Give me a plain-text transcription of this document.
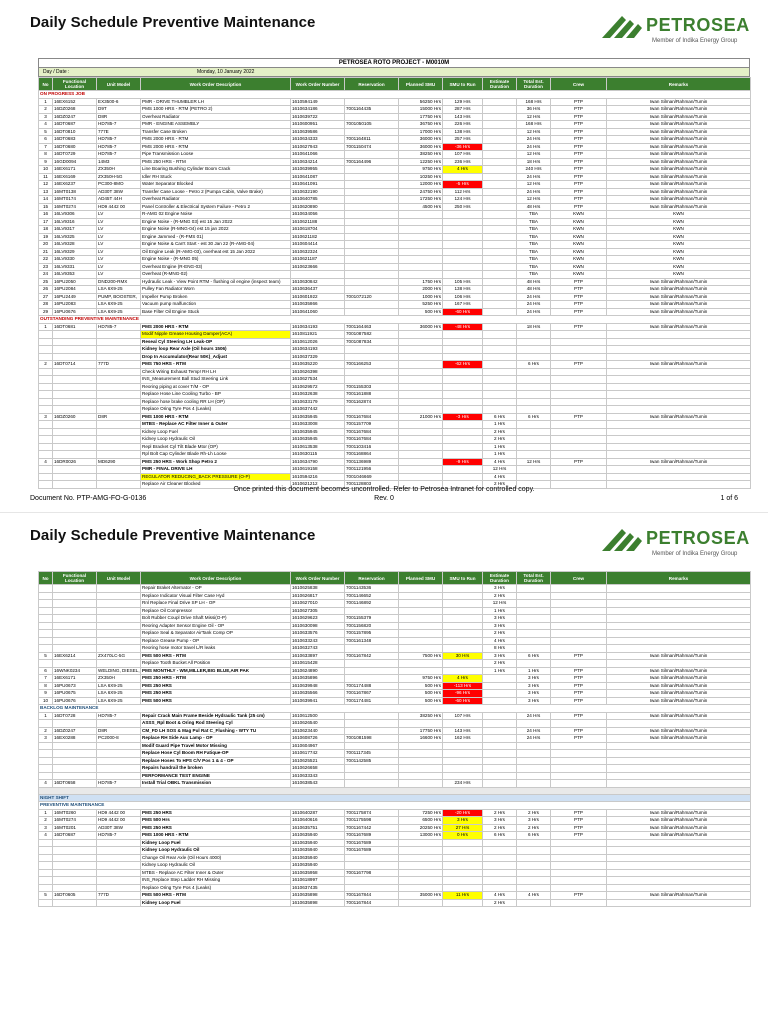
Daily Schedule Preventive Maintenance	PETROSEA
Member of Indika Energy Group
PETROSEA ROTO PROJECT - M0010M
Day / Date :	Monday, 10 January 2022
No	Functional Location	Unit Model	Work Order Description	Work Order Number	Reservation	Planned SMU	SMU to Run	Estimate Duration	Total Est. Duration	Crew	Remarks
ON PROGRESS JOB											
1	16EX6152	EX3500-6	PMR - DRIVE THUMBLER LH	1610594149		56250 Hrs	129 Hrs		168 Hrs	PTP	Iwan Silman/Rahman/Tumin
2	16DZ0268	D9T	PMS 1000 HRS - RTM (PETRO 2)	1610634186	7001164435	15000 Hrs	287 Hrs		36 Hrs	PTP	Iwan Silman/Rahman/Tumin
3	16DZ0247	D8R	Overheat Radiator	1610639722		17750 Hrs	143 Hrs		12 Hrs	PTP	Iwan Silman/Rahman/Tumin
4	16DT0687	HD785-7	PMR - ENGINE ASSEMBLY	1610600951	7001050105	36750 Hrs	226 Hrs		168 Hrs	PTP	Iwan Silman/Rahman/Tumin
5	16DT0810	777E	Transfer Case Broken	1610639586		17000 Hrs	138 Hrs		12 Hrs	PTP	Iwan Silman/Rahman/Tumin
6	16DT0683	HD785-7	PMS 2000 HRS - RTM	1610634333	7001164811	36000 Hrs	257 Hrs		24 Hrs	PTP	Iwan Silman/Rahman/Tumin
7	16DT0680	HD785-7	PMS 2000 HRS - RTM	1610627943	7001150474	36000 Hrs	-36 Hrs		24 Hrs	PTP	Iwan Silman/Rahman/Tumin
8	16DT0729	HD785-7	Pipe Transmission Loose	1610641066		38250 Hrs	107 Hrs		12 Hrs	PTP	Iwan Silman/Rahman/Tumin
9	16GD0094	14M3	PMS 250 HRS - RTM	1610634214	7001164496	12250 Hrs	236 Hrs		18 Hrs	PTP	Iwan Silman/Rahman/Tumin
10	16EX6171	ZX350H	Line Boaring Bushing Cylinder Boom Crack	1610639955		9750 Hrs	4 Hrs		240 Hrs	PTP	Iwan Silman/Rahman/Tumin
11	16EX6169	ZX350H-5G	Idler RH Stuck	1610641087		10250 Hrs			24 Hrs	PTP	Iwan Silman/Rahman/Tumin
12	16EX6237	PC300-8MO	Water Separator Blocked	1610641091		12000 Hrs	-5 Hrs		12 Hrs	PTP	Iwan Silman/Rahman/Tumin
13	16MT0138	AD30T 38W	Transfer Case Loose - Petro 2 (Pumpa Cabin, Valve Brake)	1610632190		24750 Hrs	112 Hrs		24 Hrs	PTP	Iwan Silman/Rahman/Tumin
14	16MT0174	AD45T 44H	Overheat Radiator	1610640785		17250 Hrs	124 Hrs		12 Hrs	PTP	Iwan Silman/Rahman/Tumin
15	16MT0274	HD9 4442 00	Panel Controller & Electrical System Failure - Petro 2	1610620890		4500 Hrs	250 Hrs		48 Hrs	PTP	Iwan Silman/Rahman/Tumin
16	16LV9306	LV	R-AMG 02 Engine Noise	1610634056					TBA	KWN	KWN
17	16LV9316	LV	Engine Noise - (R-MNG 03) est 15 Jan 2022	1610621188					TBA	KWN	KWN
18	16LV9317	LV	Engine Noise (R-MNG-04) est 15 jan 2022	1610618704					TBA	KWN	KWN
19	16LV9325	LV	Engine Jammed - (R-FMS 01)	1610621182					TBA	KWN	KWN
20	16LV9328	LV	Engine Noise & Can't Start - est 30 Jan 22 (R-AMG-04)	1610604414					TBA	KWN	KWN
21	16LV9329	LV	Oil Engine Leak (R-AMG-03), overheat est 15 Jan 2022	1610632324					TBA	KWN	KWN
22	16LV9330	LV	Engine Noise - (R-MNG 05)	1610621187					TBA	KWN	KWN
23	16LV9331	LV	Overheat Engine (R-ENG-03)	1610623666					TBA	KWN	KWN
24	16LV9353	LV	Overheat (R-MNG-02)						TBA	KWN	KWN
25	16PU2050	DND200-RMX	Hydraulic Leak - View Point RTM - flushing oil engine (inspect team)	1610630842		1750 Hrs	105 Hrs		48 Hrs	PTP	Iwan Silman/Rahman/Tumin
26	16PU2084	LSA 6X9-25	Pulley Fan Radiator Worn	1610636437		2000 Hrs	138 Hrs		48 Hrs	PTP	Iwan Silman/Rahman/Tumin
27	16PU2449	PUMP, BOOSTER,	Impeller Pump Broken	1610601922	7001072120	1000 Hrs	106 Hrs		24 Hrs	PTP	Iwan Silman/Rahman/Tumin
28	16PU2083	LSA 6X9-25	Vacuum pump malfunction	1610635866		5250 Hrs	167 Hrs		24 Hrs	PTP	Iwan Silman/Rahman/Tumin
29	16PU0676	LSA 6X9-25	Base Filter Oil Engine Stuck	1610641060		500 Hrs	-60 Hrs		24 Hrs	PTP	Iwan Silman/Rahman/Tumin
OUTSTANDING PREVENTIVE MAINTENANCE											
1	16DT0681	HD785-7	PMS 2000 HRS - RTM	1610634193	7001164463	36000 Hrs	-48 Hrs		18 Hrs	PTP	Iwan Silman/Rahman/Tumin
			Modif Nipple Grease Housing Damper(ACA)	1610811921	7001087582						
			Reseal Cyl Steering LH Leak-OP	1610612026	7001087834						
			Kidney loop Rear Axle (Oil hours 1506)	1610634193							
			Drop In Accumulator(Rear 50K)_Adjust	1610637329							
2	16DT0714	777D	PMS 750 HRS - RTM	1610635220	7001166253		-62 Hrs		6 Hrs	PTP	Iwan Silman/Rahman/Tumin
			Check Wiring Exhaust Temp! RH LH	1610626398							
			INS_Measurement Ball Stud Steering Link	1610627534							
			Reoring piping at cover T/M - OP	1610629572	7001155303						
			Replace Hose Line Cooling Turbo - BP	1610632638	7001161888						
			Replace hose brake cooling RR LH (OP)	1610633179	7001162874						
			Replace Oring Tyre Pos 4 (Leaks)	1610637442							
3	16DZ0260	D8R	PMS 1000 HRS - RTM	1610635945	7001167684	21000 Hrs	-3 Hrs	6 Hrs	6 Hrs	PTP	Iwan Silman/Rahman/Tumin
			MTBS - Replace AC Filter Inner & Outer	1610633008	7001157709			1 Hrs			
			Kidney Loop Fuel	1610635945	7001167684			2 Hrs			
			Kidney Loop Hydraulic Oil	1610635945	7001167684			2 Hrs			
			Repl Bracket Cyl Tilt Blade Mtor (OP)	1610613538	7001103416			1 Hrs			
			Rpl Bolt Cap Cylinder Blade Rh-Lh Loose	1610630115	7001168864			1 Hrs			
4	16DR0026	MD6290	PMS 250 HRS - Work Shop Petro 2	1610634790	7001136989		-9 Hrs	4 Hrs	12 Hrs	PTP	Iwan Silman/Rahman/Tumin
			PMR - FINAL DRIVE LH	1610619158	7001121956			12 Hrs			
			REGULATOR REDUCING_BACK PRESSURE (O-P)	1610594216	7001046669			4 Hrs			
			Replace Air Cleaner Blocked	1610621212	7001128803			2 Hrs			
Once printed this document becomes uncontrolled. Refer to Petrosea Intranet for controlled copy.
Document No. PTP-AMG-FO-G-0136	Rev. 0	1 of 6
Daily Schedule Preventive Maintenance	PETROSEA
Member of Indika Energy Group
No	Functional Location	Unit Model	Work Order Description	Work Order Number	Reservation	Planned SMU	SMU to Run	Estimate Duration	Total Est. Duration	Crew	Remarks
			Repair Braket Alternator - OP	1610625838	7001143536			3 Hrs			
			Replace Indicator Visual Filter Case Hyd	1610626817	7001146652			2 Hrs			
			Rnl Replace Final Drive SP LH - OP	1610627010	7001146892			12 Hrs			
			Replace Oil Compressor	1610627305				1 Hrs			
			Bolt Rubber Coupl Drive Shaft Missi(O-P)	1610629623	7001155379			3 Hrs			
			Reoring Adapter Sensor Engine Oil - OP	1610630098	7001156820			3 Hrs			
			Replace Seal & Separator AirTank Comp OP	1610633576	7001157895			2 Hrs			
			Replace Grease Pump - OP	1610633243	7001161348			4 Hrs			
			Reoring hose motor travel L/R leaks	1610632743				8 Hrs			
5	16EX6214	ZX470LC-5G	PMS 500 HRS - RTM	1610633897	7001167842	7500 Hrs	30 Hrs	3 Hrs	6 Hrs	PTP	Iwan Silman/Rahman/Tumin
			Replace Tooth Bucket All Position	1610615428				2 Hrs			
6	16WNK0234	WELDING, DIESEL,	PMS MONTHLY - WM,MILLER,BIG BLUE,AIR PAK	1610624890				1 Hrs	1 Hrs	PTP	Iwan Silman/Rahman/Tumin
7	16EX6171	ZX350H	PMS 250 HRS - RTM	1610635896		9750 Hrs	4 Hrs		3 Hrs	PTP	Iwan Silman/Rahman/Tumin
8	16PU0673	LSA 6X9-25	PMS 250 HRS	1610639948	7001174488	500 Hrs	-113 Hrs		3 Hrs	PTP	Iwan Silman/Rahman/Tumin
9	16PU0675	LSA 6X9-25	PMS 250 HRS	1610635566	7001167867	500 Hrs	-96 Hrs		3 Hrs	PTP	Iwan Silman/Rahman/Tumin
10	16PU0676	LSA 6X9-25	PMS 500 HRS	1610639941	7001174481	500 Hrs	-60 Hrs		3 Hrs	PTP	Iwan Silman/Rahman/Tumin
BACKLOG MAINTENANCE											
1	16DT0728	HD785-7	Repair Crack Main Frame Beside Hydraulic Tank (25 cm)	1610612500		38250 Hrs	107 Hrs		24 Hrs	PTP	Iwan Silman/Rahman/Tumin
			ASSS_Rpl Boot & Oring Rod Steering Cyl	1610626540							
2	16DZ0247	D8R	CM_FD LH SOS & Mag Pul Rat C_Flushing - WTY TU	1610623440		17750 Hrs	143 Hrs		24 Hrs	PTP	Iwan Silman/Rahman/Tumin
3	16EX0288	PC2000-8	Replace RH Side Aux Lamp - OP	1610608726	7001081598	16600 Hrs	162 Hrs		24 Hrs	PTP	Iwan Silman/Rahman/Tumin
			Modif Guard Pipe Travel Motor Missing	1610604967							
			Replace Hose Cyl Boom RH Fatique-OP	1610617742	7001117345						
			Replace Hoses To HPS C/V Pos 1 & 4 - OP	1610625521	7001142585						
			Repairs handrail the broken	1610626658							
			PERFORMANCE TEST ENGINE	1610633343							
4	16DT0658	HD785-7	Install Trial OBKL Transmission	1610638543			234 Hrs				

NIGHT SHIFT											
PREVENTIVE MAINTENANCE											
1	16MT0260	HD9 4442 00	PMS 250 HRS	1610640287	7001175874	7250 Hrs	-20 Hrs	2 Hrs	2 Hrs	PTP	Iwan Silman/Rahman/Tumin
2	16MT0274	HD9 4442 00	PMS 500 Hrs	1610640616	7001175598	6500 Hrs	3 Hrs	3 Hrs	3 Hrs	PTP	Iwan Silman/Rahman/Tumin
3	16MT0201	AD30T 38W	PMS 250 HRS	1610635751	7001167442	20250 Hrs	27 Hrs	2 Hrs	2 Hrs	PTP	Iwan Silman/Rahman/Tumin
4	16DT0687	HD785-7	PMS 1000 HRS - RTM	1610635940	7001167689	13000 Hrs	0 Hrs	6 Hrs	6 Hrs	PTP	Iwan Silman/Rahman/Tumin
			Kidney Loop Fuel	1610635940	7001167689						
			Kidney Loop Hydraulic Oil	1610635940	7001167689						
			Change Oil Rear Axle (Oil Hours 4000)	1610635940							
			Kidney Loop Hydraulic Oil	1610635940							
			MTBS - Replace AC Filter Inner & Outer	1610635958	7001167798						
			INS_Replace Step Ladder RH Missing	1610618997							
			Replace Oring Tyre Pos 4 (Leaks)	1610637435							
5	16DT0605	777D	PMS 500 HRS - RTM	1610635898	7001167844	35000 Hrs	11 Hrs	4 Hrs	4 Hrs	PTP	Iwan Silman/Rahman/Tumin
			Kidney Loop Fuel	1610635898	7001167844			2 Hrs			
